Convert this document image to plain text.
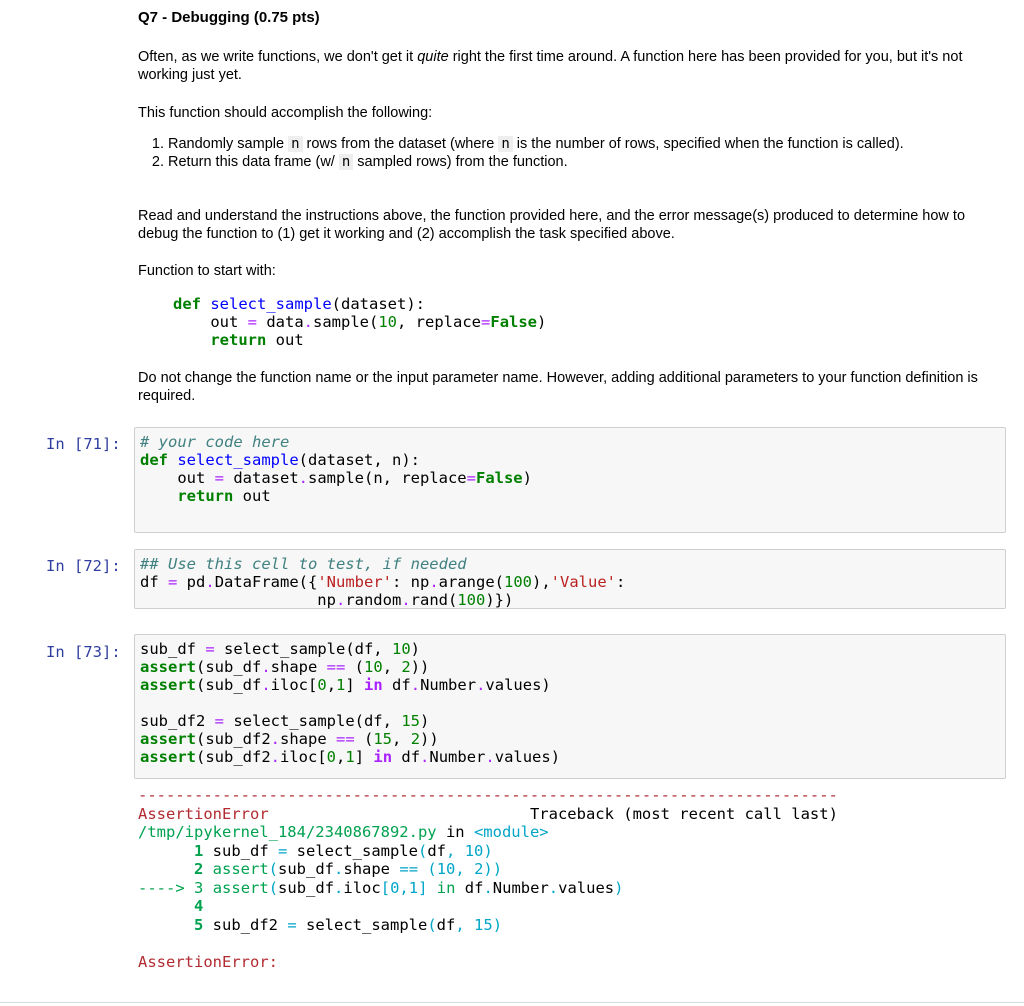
Q7 - Debugging (0.75 pts)

Often, as we write functions, we don't get it quite right the first time around. A function here has been provided for you, but it's not working just yet.

This function should accomplish the following:
1. Randomly sample n rows from the dataset (where n is the number of rows, specified when the function is called).
2. Return this data frame (w/ n sampled rows) from the function.
Read and understand the instructions above, the function provided here, and the error message(s) produced to determine how to debug the function to (1) get it working and (2) accomplish the task specified above.
Function to start with:
def select_sample(dataset):
out = data.sample(10, replace=False)
return out
Do not change the function name or the input parameter name. However, adding additional parameters to your function definition is required.
In [71]: # your code here
def select_sample(dataset, n):
out = dataset.sample(n, replace=False)
return out
In [72]: ## Use this cell to test, if needed
df = pd.DataFrame({'Number': np.arange(100),'Value':
np.random.rand(100)})
In [73]: sub_df = select_sample(df, 10)
assert(sub_df.shape == (10, 2))
assert(sub_df.iloc[0,1] in df.Number.values)

sub_df2 = select_sample(df, 15)
assert(sub_df2.shape == (15, 2))
assert(sub_df2.iloc[0,1] in df.Number.values)
---------------------------------------------------------------------------
AssertionError	Traceback (most recent call last)
/tmp/ipykernel_184/2340867892.py in <module>
1 sub_df = select_sample(df, 10)
2 assert(sub_df.shape == (10, 2))
----> 3 assert(sub_df.iloc[0,1] in df.Number.values)
4
5 sub_df2 = select_sample(df, 15)

AssertionError:
